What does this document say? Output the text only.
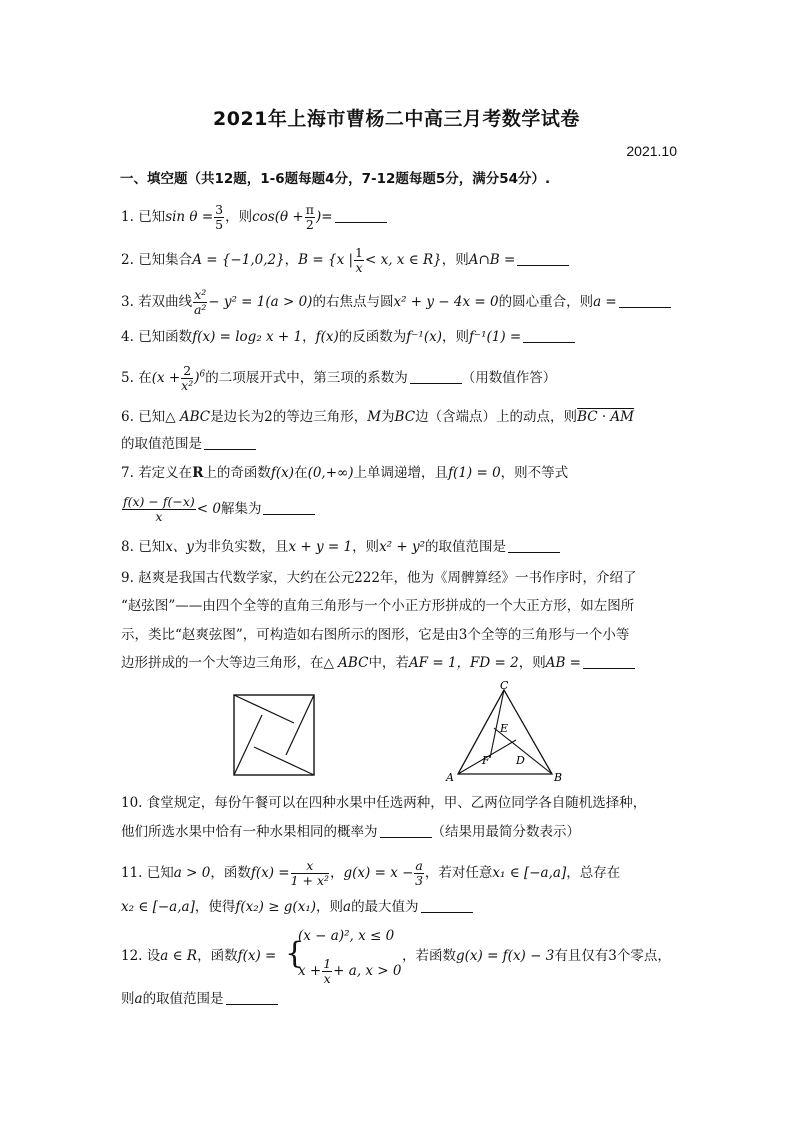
2021年上海市曹杨二中高三月考数学试卷
2021.10
一、填空题（共12题，1-6题每题4分，7-12题每题5分，满分54分）.
1. 已知$\sin \theta = \frac{3}{5}$ ，则$\cos(\theta + \frac{\pi}{2}$ )=
2. 已知集合A = {−1,0,2}，B = {x | $\frac{1}{x} < x$, x ∈ R}，则A∩B =
3. 若双曲线 $\frac{\text{x²}}{\text{a²}} - y^2 = 1(a > 0)$的右焦点与圆x² + y − 4x = 0的圆心重合，则a =
4. 已知函数f(x) = log₂ x + 1，f(x)的反函数为f⁻¹(x)，则f⁻¹(1) =
5. 在$(x + \frac{2}{\text{x²}} )^6$的二项展开式中，第三项的系数为	（用数值作答）
6. 已知△ ABC是边长为2的等边三角形，M为BC边（含端点）上的动点，则BC · AM
的取值范围是
7. 若定义在R上的奇函数f(x)在(0,+∞)上单调递增，且f(1) = 0，则不等式
$\frac{f(x) - f(-x)}{x} < 0$解集为
8. 已知x、y为非负实数，且x + y = 1，则x² + y²的取值范围是
9. 赵爽是我国古代数学家，大约在公元222年，他为《周髀算经》一书作序时，介绍了
“赵弦图”——由四个全等的直角三角形与一个小正方形拼成的一个大正方形，如左图所
示，类比“赵爽弦图”，可构造如右图所示的图形，它是由3个全等的三角形与一个小等
边形拼成的一个大等边三角形，在△ ABC中，若AF = 1，FD = 2，则AB =
A	B
C
D
E
F
10. 食堂规定，每份午餐可以在四种水果中任选两种，甲、乙两位同学各自随机选择种，
他们所选水果中恰有一种水果相同的概率为	（结果用最简分数表示）
11. 已知a > 0，函数$f(x) = \frac{x}{\text{1 + x²}}$ ，$g(x) = x - \frac{a}{3}$ ，若对任意x₁ ∈ [−a,a]，总存在
x₂ ∈ [−a,a]，使得f(x₂) ≥ g(x₁)，则a的最大值为
12. 设a ∈ R，函数f(x) = {
(x − a)², x ≤ 0
$x + \frac{1}{x} + a$, x > 0
，若函数g(x) = f(x) − 3有且仅有3个零点，
则a的取值范围是
